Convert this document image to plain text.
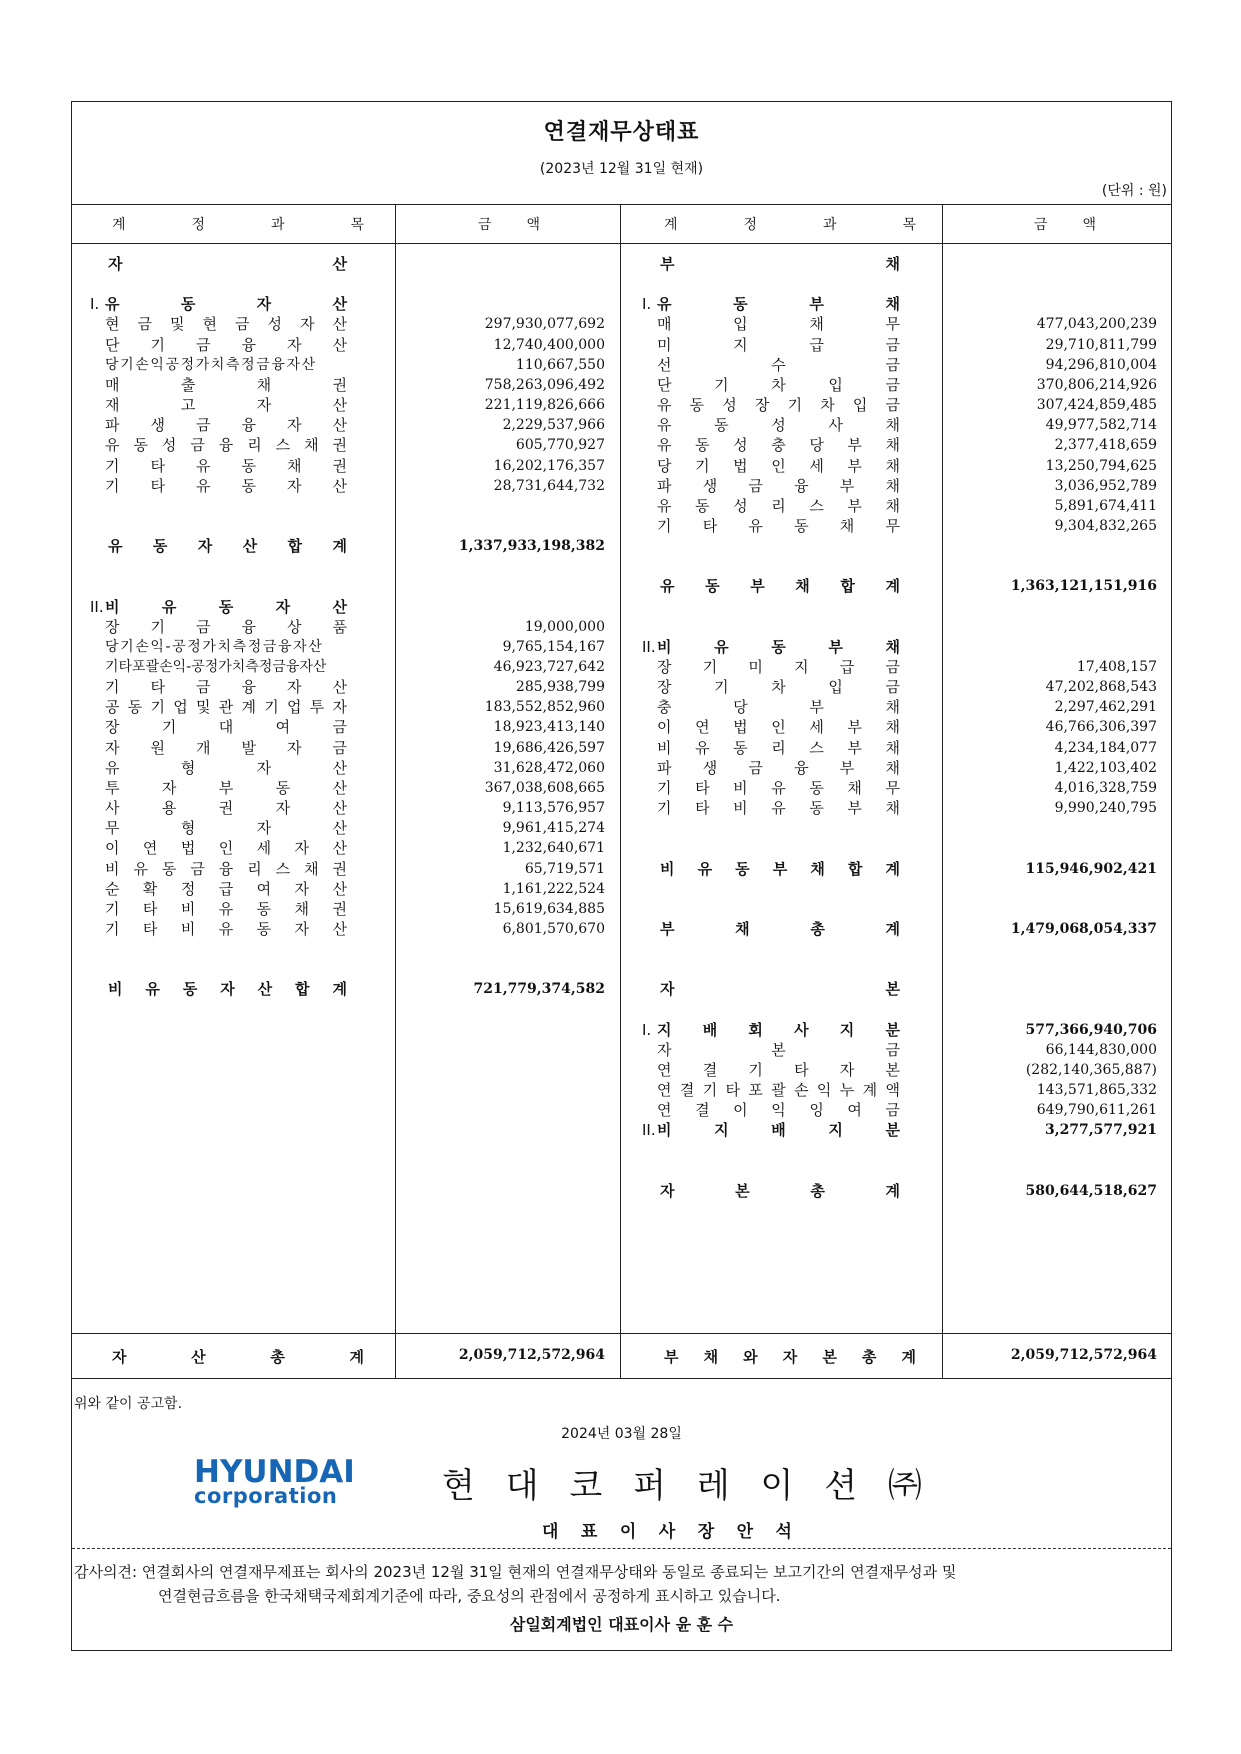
연결재무상태표
(2023년 12월 31일 현재)
(단위 : 원)
계	정	과	목	금 액	계	정	과	목	금 액
자	산
I. 유	동	자	산
현 금 및 현 금 성 자 산	297,930,077,692
단 기 금 융 자 산	12,740,400,000
당기손익공정가치측정금융자산	110,667,550
매	출	채	권	758,263,096,492
재	고	자	산	221,119,826,666
파 생 금 융 자 산	2,229,537,966
유 동 성 금 융 리 스 채 권	605,770,927
기 타 유 동 채 권	16,202,176,357
기 타 유 동 자 산	28,731,644,732
유 동 자 산 합 계	1,337,933,198,382
II. 비	유	동	자	산
장 기 금 융 상 품	19,000,000
당기손익-공정가치측정금융자산	9,765,154,167
기타포괄손익-공정가치측정금융자산	46,923,727,642
기 타 금 융 자 산	285,938,799
공 동 기 업 및 관 계 기 업 투 자	183,552,852,960
장	기	대	여	금	18,923,413,140
자 원 개 발 자 금	19,686,426,597
유	형	자	산	31,628,472,060
투	자	부	동	산	367,038,608,665
사	용	권	자	산	9,113,576,957
무	형	자	산	9,961,415,274
이 연 법 인 세 자 산	1,232,640,671
비 유 동 금 융 리 스 채 권	65,719,571
순 확 정 급 여 자 산	1,161,222,524
기 타 비 유 동 채 권	15,619,634,885
기 타 비 유 동 자 산	6,801,570,670
비 유 동 자 산 합 계	721,779,374,582
부	채
I. 유	동	부	채
매	입	채	무	477,043,200,239
미	지	급	금	29,710,811,799
선	수	금	94,296,810,004
단	기	차	입	금	370,806,214,926
유 동 성 장 기 차 입 금	307,424,859,485
유	동	성	사	채	49,977,582,714
유 동 성 충 당 부 채	2,377,418,659
당 기 법 인 세 부 채	13,250,794,625
파 생 금 융 부 채	3,036,952,789
유 동 성 리 스 부 채	5,891,674,411
기 타 유 동 채 무	9,304,832,265
유 동 부 채 합 계	1,363,121,151,916
II. 비	유	동	부	채
장 기 미 지 급 금	17,408,157
장	기	차	입	금	47,202,868,543
충	당	부	채	2,297,462,291
이 연 법 인 세 부 채	46,766,306,397
비 유 동 리 스 부 채	4,234,184,077
파 생 금 융 부 채	1,422,103,402
기 타 비 유 동 채 무	4,016,328,759
기 타 비 유 동 부 채	9,990,240,795
비 유 동 부 채 합 계	115,946,902,421
부	채	총	계	1,479,068,054,337
자	본
I. 지 배 회 사 지 분	577,366,940,706
자	본	금	66,144,830,000
연 결 기 타 자 본	(282,140,365,887)
연 결 기 타 포 괄 손 익 누 계 액	143,571,865,332
연 결 이 익 잉 여 금	649,790,611,261
II. 비	지	배	지	분	3,277,577,921
자	본	총	계	580,644,518,627
자	산	총	계	2,059,712,572,964	부 채 와 자 본 총 계	2,059,712,572,964
위와 같이 공고함.
2024년 03월 28일
HYUNDAI
corporation	현 대 코 퍼 레 이 션 ㈜
대 표 이 사 장 안 석
감사의견: 연결회사의 연결재무제표는 회사의 2023년 12월 31일 현재의 연결재무상태와 동일로 종료되는 보고기간의 연결재무성과 및
연결현금흐름을 한국채택국제회계기준에 따라, 중요성의 관점에서 공정하게 표시하고 있습니다.
삼일회계법인 대표이사 윤 훈 수
